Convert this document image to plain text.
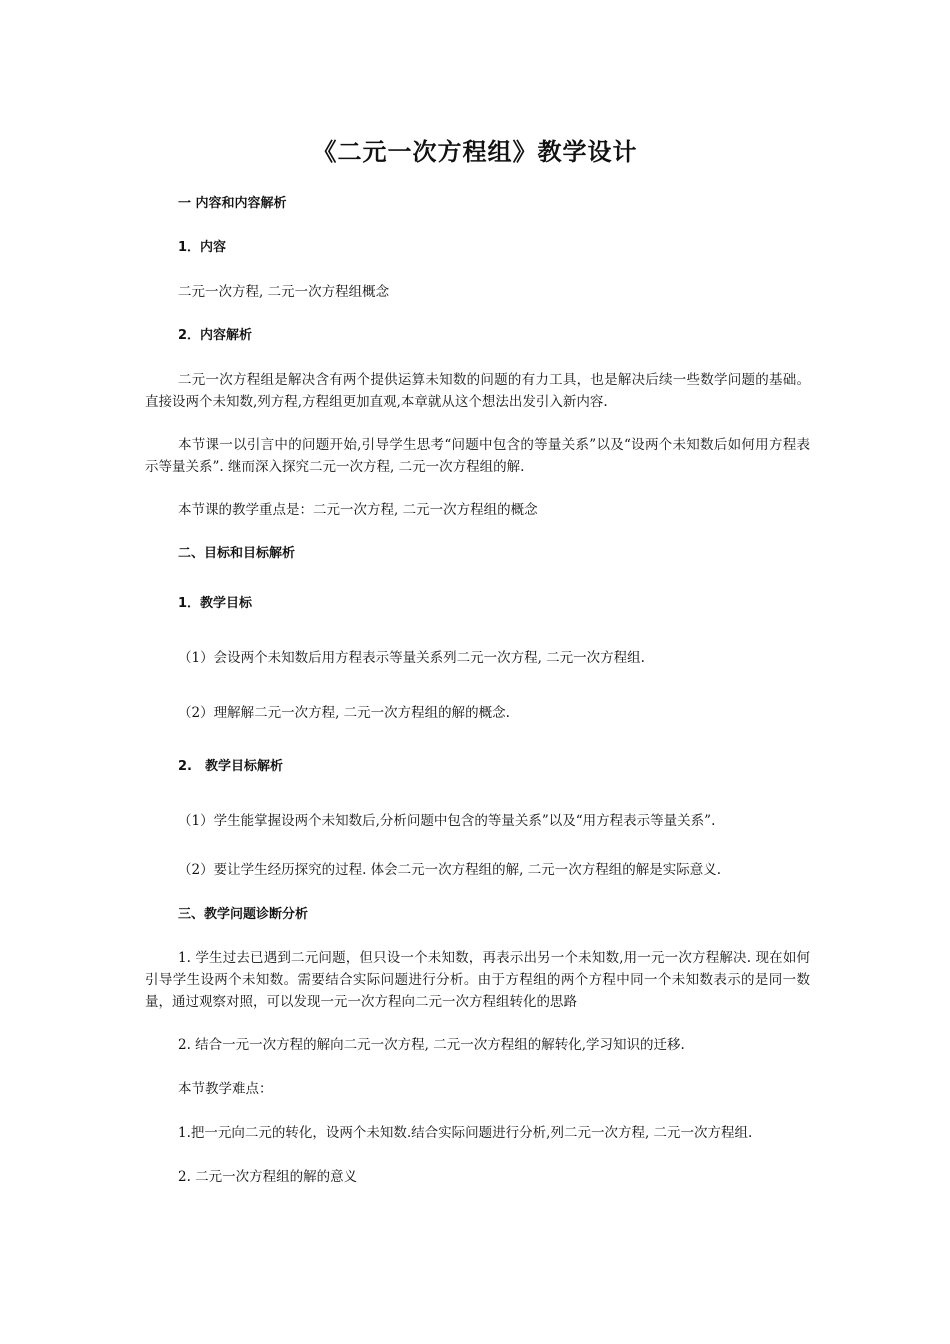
《二元一次方程组》教学设计
一 内容和内容解析
1．内容
二元一次方程, 二元一次方程组概念
2．内容解析
二元一次方程组是解决含有两个提供运算未知数的问题的有力工具，也是解决后续一些数学问题的基础。直接设两个未知数,列方程,方程组更加直观,本章就从这个想法出发引入新内容.
本节课一以引言中的问题开始,引导学生思考“问题中包含的等量关系”以及“设两个未知数后如何用方程表示等量关系”. 继而深入探究二元一次方程, 二元一次方程组的解.
本节课的教学重点是：二元一次方程, 二元一次方程组的概念
二、目标和目标解析
1．教学目标
（1）会设两个未知数后用方程表示等量关系列二元一次方程, 二元一次方程组.
（2）理解解二元一次方程, 二元一次方程组的解的概念.
2.　教学目标解析
（1）学生能掌握设两个未知数后,分析问题中包含的等量关系”以及“用方程表示等量关系”.
（2）要让学生经历探究的过程. 体会二元一次方程组的解, 二元一次方程组的解是实际意义.
三、教学问题诊断分析
1. 学生过去已遇到二元问题，但只设一个未知数，再表示出另一个未知数,用一元一次方程解决. 现在如何引导学生设两个未知数。需要结合实际问题进行分析。由于方程组的两个方程中同一个未知数表示的是同一数量，通过观察对照，可以发现一元一次方程向二元一次方程组转化的思路
2. 结合一元一次方程的解向二元一次方程, 二元一次方程组的解转化,学习知识的迁移.
本节教学难点：
1.把一元向二元的转化，设两个未知数.结合实际问题进行分析,列二元一次方程, 二元一次方程组.
2. 二元一次方程组的解的意义
